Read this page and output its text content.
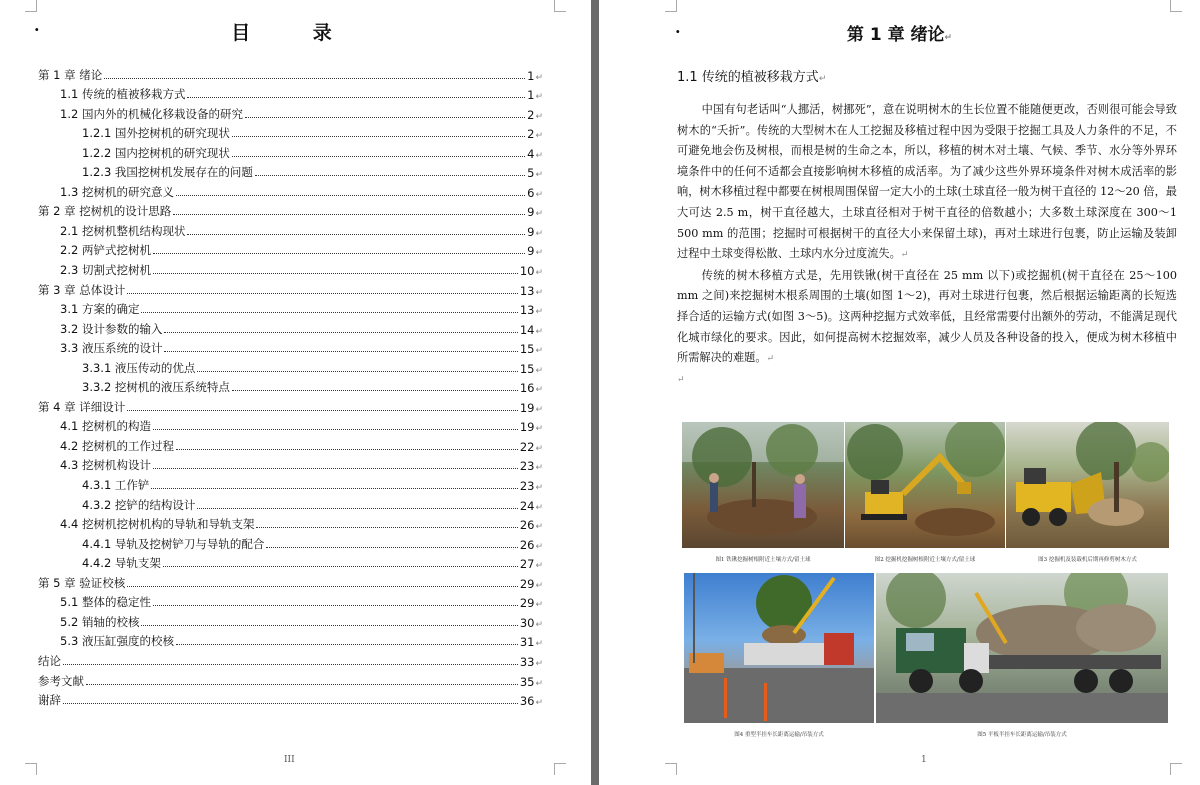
·	目 录
第 1 章 绪论	1 ↵
1.1 传统的植被移栽方式	1 ↵
1.2 国内外的机械化移栽设备的研究	2 ↵
1.2.1 国外挖树机的研究现状	2 ↵
1.2.2 国内挖树机的研究现状	4 ↵
1.2.3 我国挖树机发展存在的问题	5 ↵
1.3 挖树机的研究意义	6 ↵
第 2 章 挖树机的设计思路	9 ↵
2.1 挖树机整机结构现状	9 ↵
2.2 两铲式挖树机	9 ↵
2.3 切割式挖树机	10 ↵
第 3 章 总体设计	13 ↵
3.1 方案的确定	13 ↵
3.2 设计参数的输入	14 ↵
3.3 液压系统的设计	15 ↵
3.3.1 液压传动的优点	15 ↵
3.3.2 挖树机的液压系统特点	16 ↵
第 4 章 详细设计	19 ↵
4.1 挖树机的构造	19 ↵
4.2 挖树机的工作过程	22 ↵
4.3 挖树机构设计	23 ↵
4.3.1 工作铲	23 ↵
4.3.2 挖铲的结构设计	24 ↵
4.4 挖树机挖树机构的导轨和导轨支架	26 ↵
4.4.1 导轨及挖树铲刀与导轨的配合	26 ↵
4.4.2 导轨支架	27 ↵
第 5 章 验证校核	29 ↵
5.1 整体的稳定性	29 ↵
5.2 销轴的校核	30 ↵
5.3 液压缸强度的校核	31 ↵
结论	33 ↵
参考文献	35 ↵
谢辞	36 ↵
III
·	第 1 章 绪论↵
1.1 传统的植被移栽方式↵

中国有句老话叫“人挪活，树挪死”，意在说明树木的生长位置不能随便更改，否则很可能会导致树木的“夭折”。传统的大型树木在人工挖掘及移植过程中因为受限于挖掘工具及人力条件的不足，不可避免地会伤及树根，而根是树的生命之本，所以，移植的树木对土壤、气候、季节、水分等外界环境条件中的任何不适都会直接影响树木移植的成活率。为了减少这些外界环境条件对树木成活率的影响，树木移植过程中都要在树根周围保留一定大小的土球(土球直径一般为树干直径的 12～20 倍，最大可达 2.5 m，树干直径越大，土球直径相对于树干直径的倍数越小；大多数土球深度在 300～1 500 mm 的范围；挖掘时可根据树干的直径大小来保留土球)，再对土球进行包裹，防止运输及装卸过程中土球变得松散、土球内水分过度流失。↵

传统的树木移植方式是，先用铁锹(树干直径在 25 mm 以下)或挖掘机(树干直径在 25～100 mm 之间)来挖掘树木根系周围的土壤(如图 1～2)，再对土球进行包裹，然后根据运输距离的长短选择合适的运输方式(如图 3～5)。这两种挖掘方式效率低，且经常需要付出额外的劳动，不能满足现代化城市绿化的要求。因此，如何提高树木挖掘效率，减少人员及各种设备的投入，便成为树木移植中所需解决的难题。↵

↵
图1 铁锹挖掘树根附近土壤方式/留土球	图2 挖掘机挖掘树根附近土壤方式/留土球	图3 挖掘机及装载机后期再修剪树木方式
图4 重型半挂车长距离运输/吊装方式	图5 平板半挂车长距离运输/吊装方式
1
